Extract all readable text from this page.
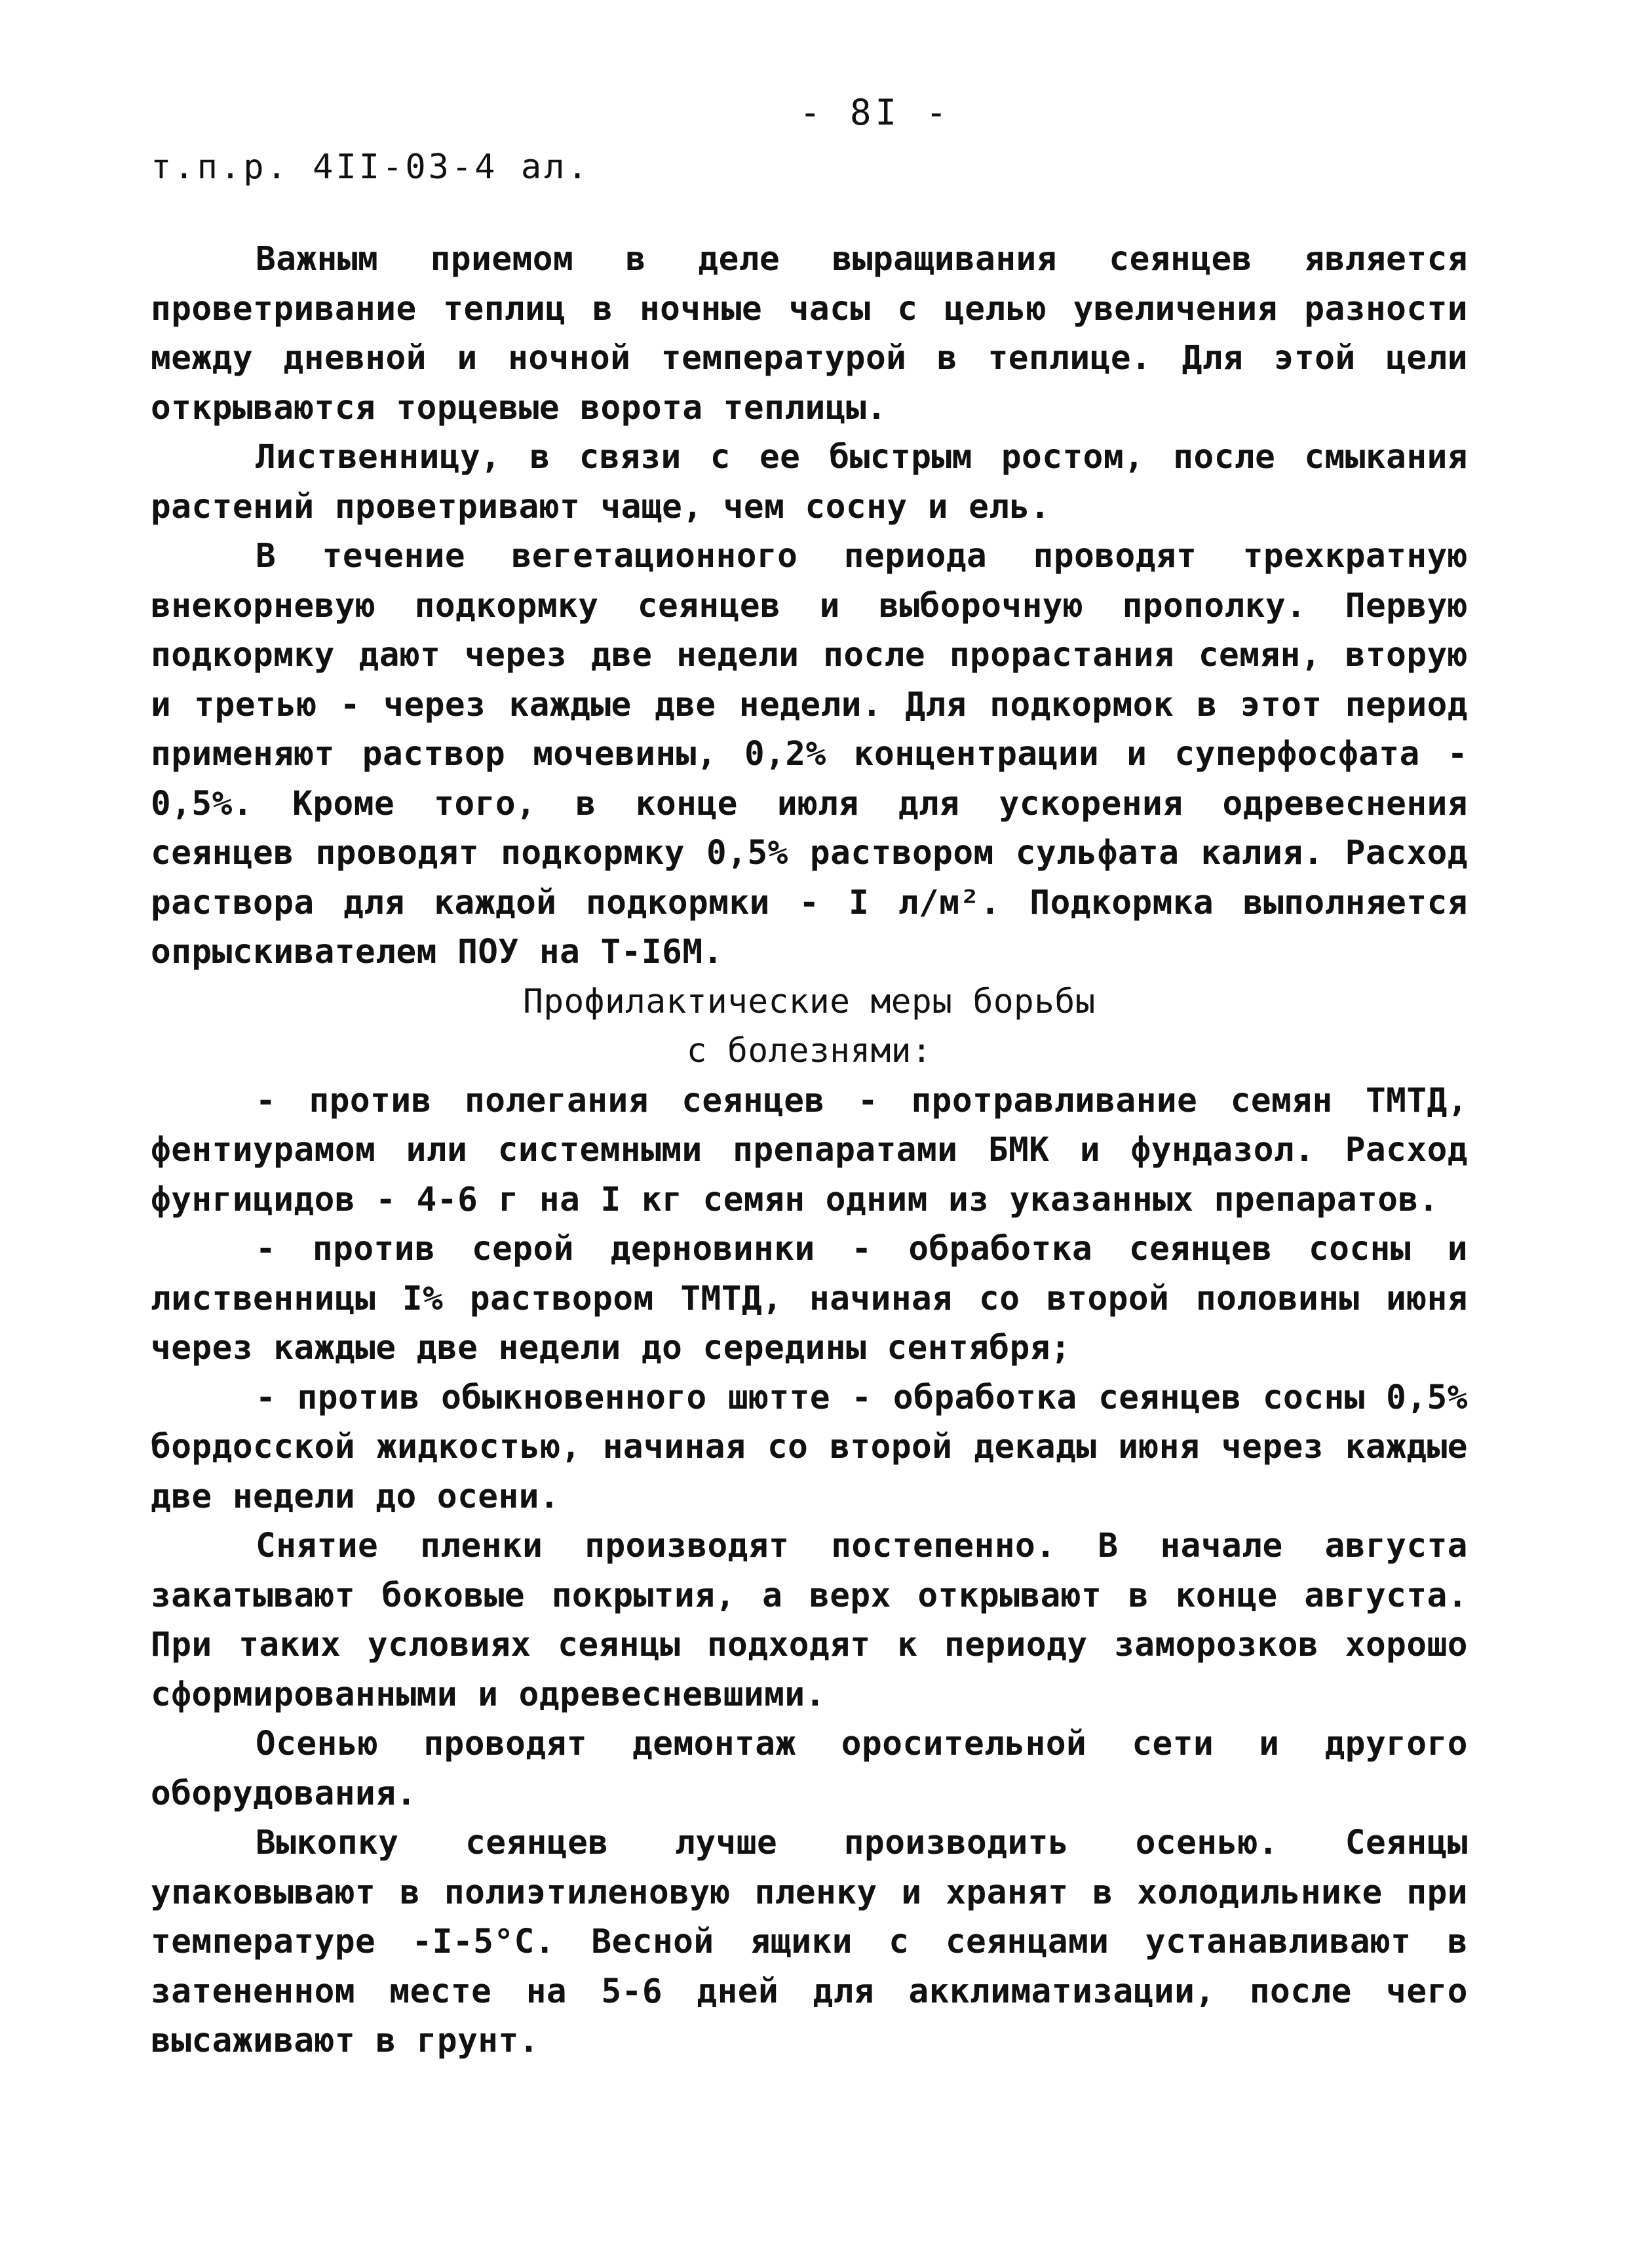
- 8I -
т.п.р. 4II-03-4 ал.

Важным приемом в деле выращивания сеянцев является проветривание теплиц в ночные часы с целью увеличения разности между дневной и ночной температурой в теплице. Для этой цели открываются торцевые ворота теплицы.

Лиственницу, в связи с ее быстрым ростом, после смыкания растений проветривают чаще, чем сосну и ель.

В течение вегетационного периода проводят трехкратную внекорневую подкормку сеянцев и выборочную прополку. Первую подкормку дают через две недели после прорастания семян, вторую и третью - через каждые две недели. Для подкормок в этот период применяют раствор мочевины, 0,2% концентрации и суперфосфата - 0,5%. Кроме того, в конце июля для ускорения одревеснения сеянцев проводят подкормку 0,5% раствором сульфата калия. Расход раствора для каждой подкормки - I л/м². Подкормка выполняется опрыскивателем ПОУ на Т-I6М.

Профилактические меры борьбы

с болезнями:

- против полегания сеянцев - протравливание семян ТМТД, фентиурамом или системными препаратами БМК и фундазол. Расход фунгицидов - 4-6 г на I кг семян одним из указанных препаратов.

- против серой дерновинки - обработка сеянцев сосны и лиственницы I% раствором ТМТД, начиная со второй половины июня через каждые две недели до середины сентября;

- против обыкновенного шютте - обработка сеянцев сосны 0,5% бордосской жидкостью, начиная со второй декады июня через каждые две недели до осени.

Снятие пленки производят постепенно. В начале августа закатывают боковые покрытия, а верх открывают в конце августа. При таких условиях сеянцы подходят к периоду заморозков хорошо сформированными и одревесневшими.

Осенью проводят демонтаж оросительной сети и другого оборудования.

Выкопку сеянцев лучше производить осенью. Сеянцы упаковывают в полиэтиленовую пленку и хранят в холодильнике при температуре -I-5°С. Весной ящики с сеянцами устанавливают в затененном месте на 5-6 дней для акклиматизации, после чего высаживают в грунт.
